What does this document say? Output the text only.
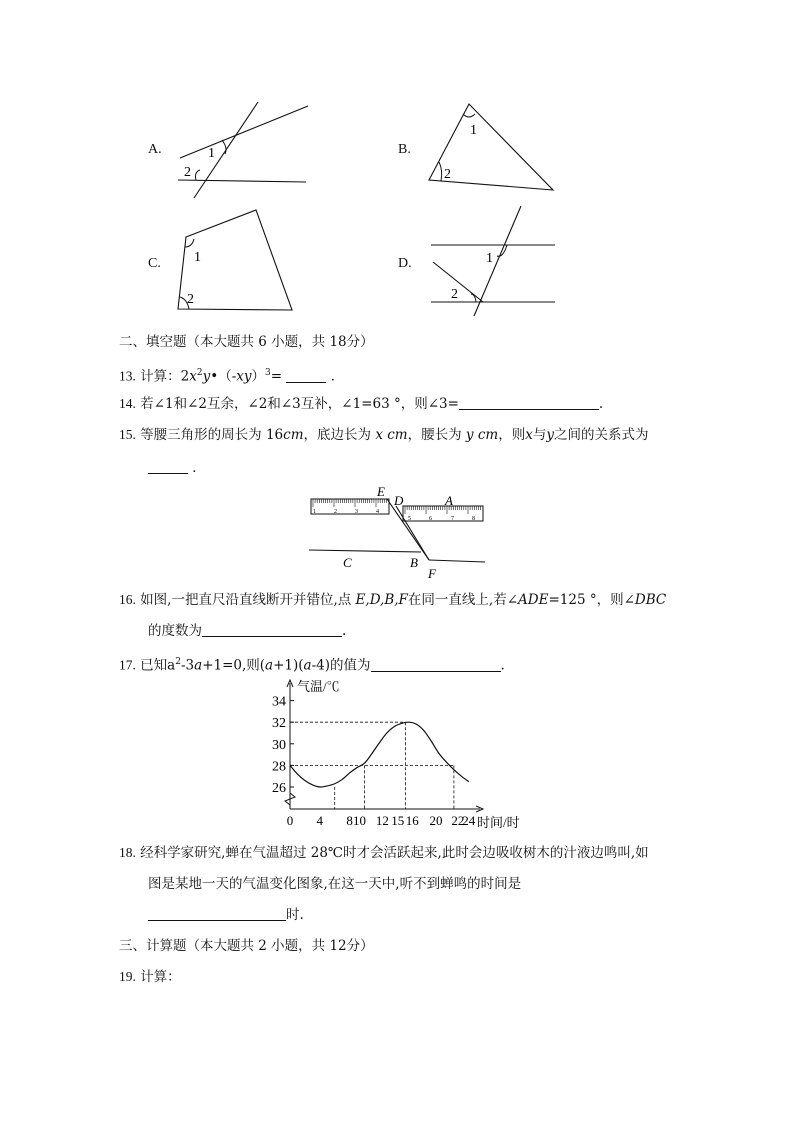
A.	1
2
B.
1
2
C. 1
2
D.	1
2
二、填空题（本大题共 6 小题，共 18分）
13. 计算：$2x^2y•(-xy)^3=$	．
14. 若∠1和∠2互余，∠2和∠3互补，∠1=63 °，则∠3=	.
15. 等腰三角形的周长为 16cm，底边长为 x cm，腰长为 y cm，则x与y之间的关系式为
．
E
D	A
C	B
F
1	2	3	4
5	6	7	8
16. 如图,一把直尺沿直线断开并错位,点 E,D,B,F在同一直线上,若∠ADE=125 °，则∠DBC
的度数为	.
17. 已知$a^2-3a+1=0$,则(a+1)(a-4)的值为	.
气温/℃
时间/时
34
32
30
28
26
0 4 8 10 12 15 16 20 22
24
18. 经科学家研究,蝉在气温超过 28℃时才会活跃起来,此时会边吸收树木的汁液边鸣叫,如
图是某地一天的气温变化图象,在这一天中,听不到蝉鸣的时间是
时.
三、计算题（本大题共 2 小题，共 12分）
19. 计算：
